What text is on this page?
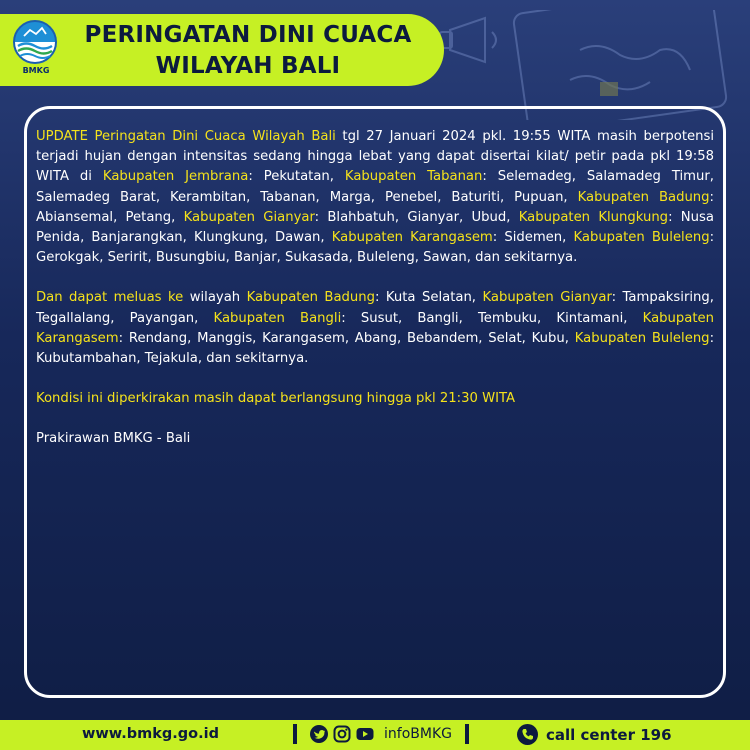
BMKG
PERINGATAN DINI CUACA
WILAYAH BALI

UPDATE Peringatan Dini Cuaca Wilayah Bali tgl 27 Januari 2024 pkl. 19:55 WITA masih berpotensi terjadi hujan dengan intensitas sedang hingga lebat yang dapat disertai kilat/ petir pada pkl 19:58 WITA di Kabupaten Jembrana: Pekutatan, Kabupaten Tabanan: Selemadeg, Salamadeg Timur, Salemadeg Barat, Kerambitan, Tabanan, Marga, Penebel, Baturiti, Pupuan, Kabupaten Badung: Abiansemal, Petang, Kabupaten Gianyar: Blahbatuh, Gianyar, Ubud, Kabupaten Klungkung: Nusa Penida, Banjarangkan, Klungkung, Dawan, Kabupaten Karangasem: Sidemen, Kabupaten Buleleng: Gerokgak, Seririt, Busungbiu, Banjar, Sukasada, Buleleng, Sawan, dan sekitarnya.

Dan dapat meluas ke wilayah Kabupaten Badung: Kuta Selatan, Kabupaten Gianyar: Tampaksiring, Tegallalang, Payangan, Kabupaten Bangli: Susut, Bangli, Tembuku, Kintamani, Kabupaten Karangasem: Rendang, Manggis, Karangasem, Abang, Bebandem, Selat, Kubu, Kabupaten Buleleng: Kubutambahan, Tejakula, dan sekitarnya.

Kondisi ini diperkirakan masih dapat berlangsung hingga pkl 21:30 WITA

Prakirawan BMKG - Bali

www.bmkg.go.id	infoBMKG	call center 196
